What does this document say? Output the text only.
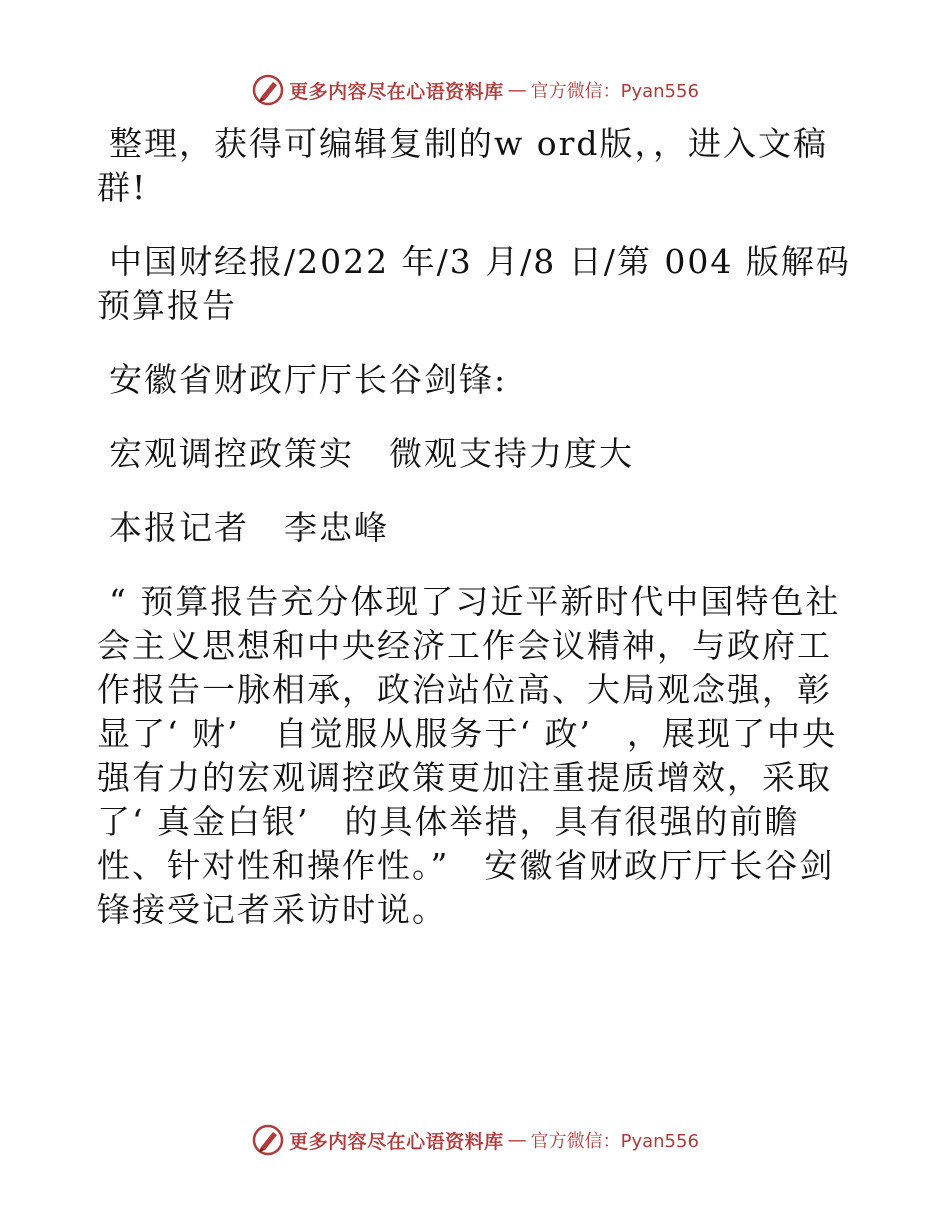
更多内容尽在心语资料库 — 官方微信：Pyan556

整理，获得可编辑复制的w ord版，，进入文稿群!

中国财经报/2022 年/3 月/8 日/第 004 版解码预算报告

安徽省财政厅厅长谷剑锋:

宏观调控政策实　微观支持力度大

本报记者　李忠峰

“ 预算报告充分体现了习近平新时代中国特色社会主义思想和中央经济工作会议精神，与政府工作报告一脉相承，政治站位高、大局观念强，彰显了‘ 财’　自觉服从服务于‘ 政’　，展现了中央强有力的宏观调控政策更加注重提质增效，采取了‘ 真金白银’　的具体举措，具有很强的前瞻性、针对性和操作性。”　安徽省财政厅厅长谷剑锋接受记者采访时说。

更多内容尽在心语资料库 — 官方微信：Pyan556
